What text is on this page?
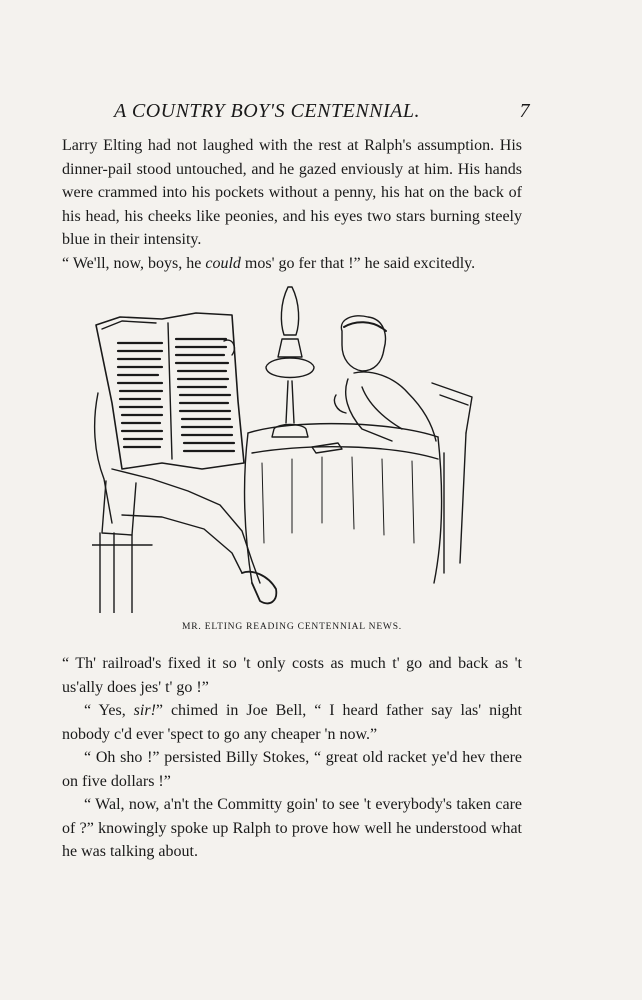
A COUNTRY BOY'S CENTENNIAL.	7

Larry Elting had not laughed with the rest at Ralph's assumption. His dinner-pail stood untouched, and he gazed enviously at him. His hands were crammed into his pockets without a penny, his hat on the back of his head, his cheeks like peonies, and his eyes two stars burning steely blue in their intensity.

“ We'll, now, boys, he could mos' go fer that !” he said excitedly.

MR. ELTING READING CENTENNIAL NEWS.

“ Th' railroad's fixed it so 't only costs as much t' go and back as 't us'ally does jes' t' go !”

“ Yes, sir!” chimed in Joe Bell, “ I heard father say las' night nobody c'd ever 'spect to go any cheaper 'n now.”

“ Oh sho !” persisted Billy Stokes, “ great old racket ye'd hev there on five dollars !”

“ Wal, now, a'n't the Committy goin' to see 't everybody's taken care of ?” knowingly spoke up Ralph to prove how well he understood what he was talking about.
